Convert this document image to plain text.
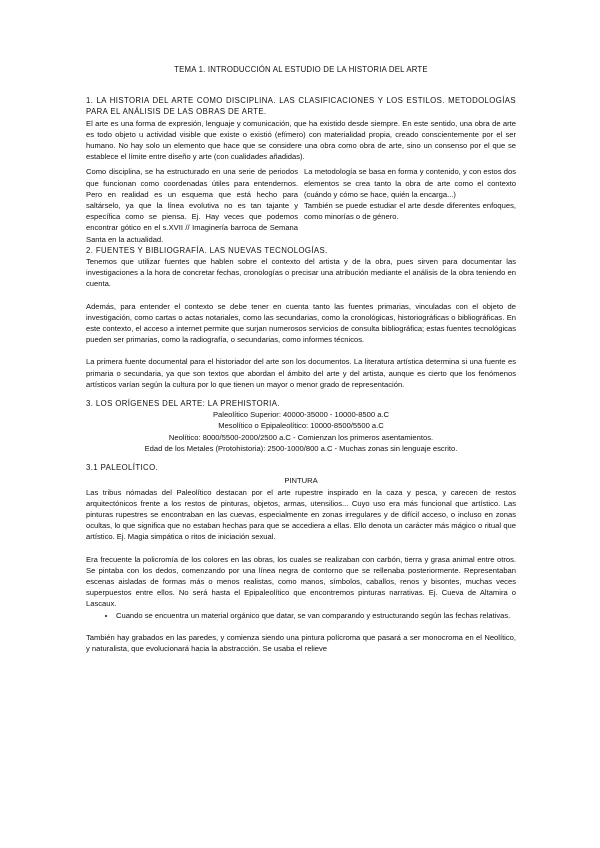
TEMA 1. INTRODUCCIÓN AL ESTUDIO DE LA HISTORIA DEL ARTE
1. LA HISTORIA DEL ARTE COMO DISCIPLINA. LAS CLASIFICACIONES Y LOS ESTILOS. METODOLOGÍAS PARA EL ANÁLISIS DE LAS OBRAS DE ARTE.

El arte es una forma de expresión, lenguaje y comunicación, que ha existido desde siempre. En este sentido, una obra de arte es todo objeto u actividad visible que existe o existió (efímero) con materialidad propia, creado conscientemente por el ser humano. No hay solo un elemento que hace que se considere una obra como obra de arte, sino un consenso por el que se establece el límite entre diseño y arte (con cualidades añadidas).

Como disciplina, se ha estructurado en una serie de periodos que funcionan como coordenadas útiles para entendernos. Pero en realidad es un esquema que está hecho para saltárselo, ya que la línea evolutiva no es tan tajante y específica como se piensa. Ej. Hay veces que podemos encontrar gótico en el s.XVII // Imaginería barroca de Semana Santa en la actualidad.

La metodología se basa en forma y contenido, y con estos dos elementos se crea tanto la obra de arte como el contexto (cuándo y cómo se hace, quién la encarga...)

También se puede estudiar el arte desde diferentes enfoques, como minorías o de género.

2. FUENTES Y BIBLIOGRAFÍA. LAS NUEVAS TECNOLOGÍAS.

Tenemos que utilizar fuentes que hablen sobre el contexto del artista y de la obra, pues sirven para documentar las investigaciones a la hora de concretar fechas, cronologías o precisar una atribución mediante el análisis de la obra teniendo en cuenta.

Además, para entender el contexto se debe tener en cuenta tanto las fuentes primarias, vinculadas con el objeto de investigación, como cartas o actas notariales, como las secundarias, como la cronológicas, historiográficas o bibliográficas. En este contexto, el acceso a internet permite que surjan numerosos servicios de consulta bibliográfica; estas fuentes tecnológicas pueden ser primarias, como la radiografía, o secundarias, como informes técnicos.

La primera fuente documental para el historiador del arte son los documentos. La literatura artística determina si una fuente es primaria o secundaria, ya que son textos que abordan el ámbito del arte y del artista, aunque es cierto que los fenómenos artísticos varían según la cultura por lo que tienen un mayor o menor grado de representación.

3. LOS ORÍGENES DEL ARTE: LA PREHISTORIA.
Paleolítico Superior: 40000-35000 - 10000-8500 a.C
Mesolítico o Epipaleolítico: 10000-8500/5500 a.C
Neolítico: 8000/5500-2000/2500 a.C - Comienzan los primeros asentamientos.
Edad de los Metales (Protohistoria): 2500-1000/800 a.C - Muchas zonas sin lenguaje escrito.
3.1 PALEOLÍTICO.
PINTURA

Las tribus nómadas del Paleolítico destacan por el arte rupestre inspirado en la caza y pesca, y carecen de restos arquitectónicos frente a los restos de pinturas, objetos, armas, utensilios... Cuyo uso era más funcional que artístico. Las pinturas rupestres se encontraban en las cuevas, especialmente en zonas irregulares y de difícil acceso, o incluso en zonas ocultas, lo que significa que no estaban hechas para que se accediera a ellas. Ello denota un carácter más mágico o ritual que artístico. Ej. Magia simpática o ritos de iniciación sexual.

Era frecuente la policromía de los colores en las obras, los cuales se realizaban con carbón, tierra y grasa animal entre otros. Se pintaba con los dedos, comenzando por una línea negra de contorno que se rellenaba posteriormente. Representaban escenas aisladas de formas más o menos realistas, como manos, símbolos, caballos, renos y bisontes, muchas veces superpuestos entre ellos. No será hasta el Epipaleolítico que encontremos pinturas narrativas. Ej. Cueva de Altamira o Lascaux.

• Cuando se encuentra un material orgánico que datar, se van comparando y estructurando según las fechas relativas.

También hay grabados en las paredes, y comienza siendo una pintura polícroma que pasará a ser monocroma en el Neolítico, y naturalista, que evolucionará hacia la abstracción. Se usaba el relieve
